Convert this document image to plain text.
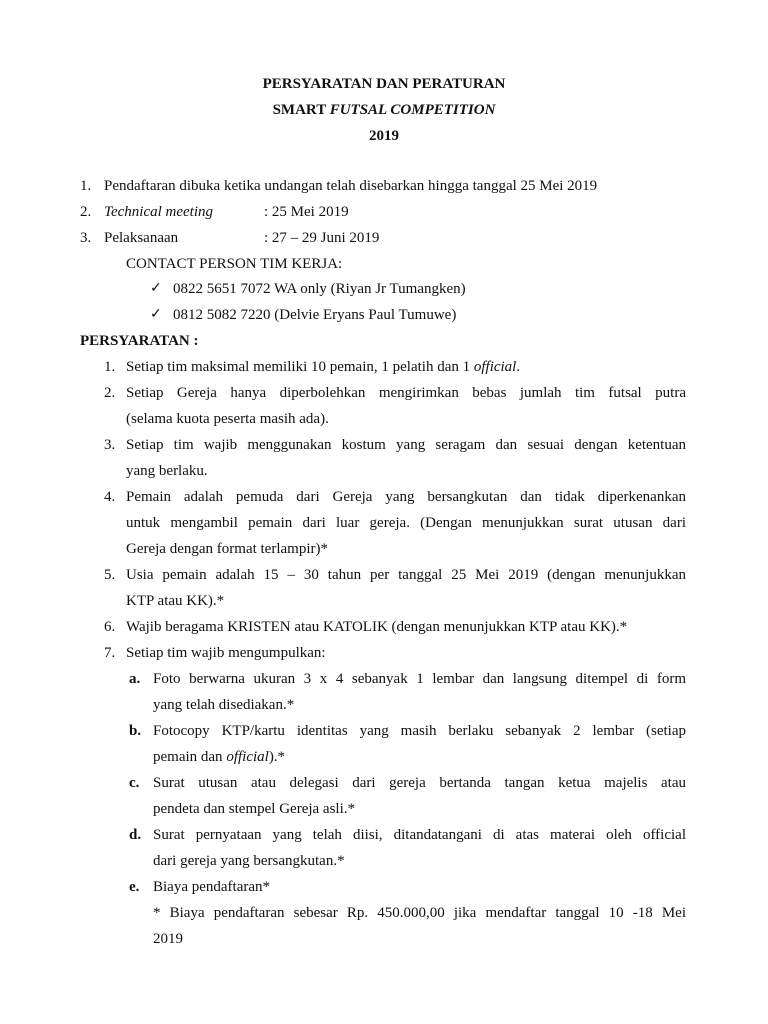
PERSYARATAN DAN PERATURAN
SMART FUTSAL COMPETITION
2019
1. Pendaftaran dibuka ketika undangan telah disebarkan hingga tanggal 25 Mei 2019
2. Technical meeting	: 25 Mei 2019
3. Pelaksanaan	: 27 – 29 Juni 2019
CONTACT PERSON TIM KERJA:
✓ 0822 5651 7072 WA only (Riyan Jr Tumangken)
✓ 0812 5082 7220 (Delvie Eryans Paul Tumuwe)
PERSYARATAN :
1. Setiap tim maksimal memiliki 10 pemain, 1 pelatih dan 1 official.
2. Setiap Gereja hanya diperbolehkan mengirimkan bebas jumlah tim futsal putra
(selama kuota peserta masih ada).
3. Setiap tim wajib menggunakan kostum yang seragam dan sesuai dengan ketentuan
yang berlaku.
4. Pemain adalah pemuda dari Gereja yang bersangkutan dan tidak diperkenankan
untuk mengambil pemain dari luar gereja. (Dengan menunjukkan surat utusan dari
Gereja dengan format terlampir)*
5. Usia pemain adalah 15 – 30 tahun per tanggal 25 Mei 2019 (dengan menunjukkan
KTP atau KK).*
6. Wajib beragama KRISTEN atau KATOLIK (dengan menunjukkan KTP atau KK).*
7. Setiap tim wajib mengumpulkan:
a. Foto berwarna ukuran 3 x 4 sebanyak 1 lembar dan langsung ditempel di form
yang telah disediakan.*
b. Fotocopy KTP/kartu identitas yang masih berlaku sebanyak 2 lembar (setiap
pemain dan official).*
c. Surat utusan atau delegasi dari gereja bertanda tangan ketua majelis atau
pendeta dan stempel Gereja asli.*
d. Surat pernyataan yang telah diisi, ditandatangani di atas materai oleh official
dari gereja yang bersangkutan.*
e. Biaya pendaftaran*
* Biaya pendaftaran sebesar Rp. 450.000,00 jika mendaftar tanggal 10 -18 Mei
2019
